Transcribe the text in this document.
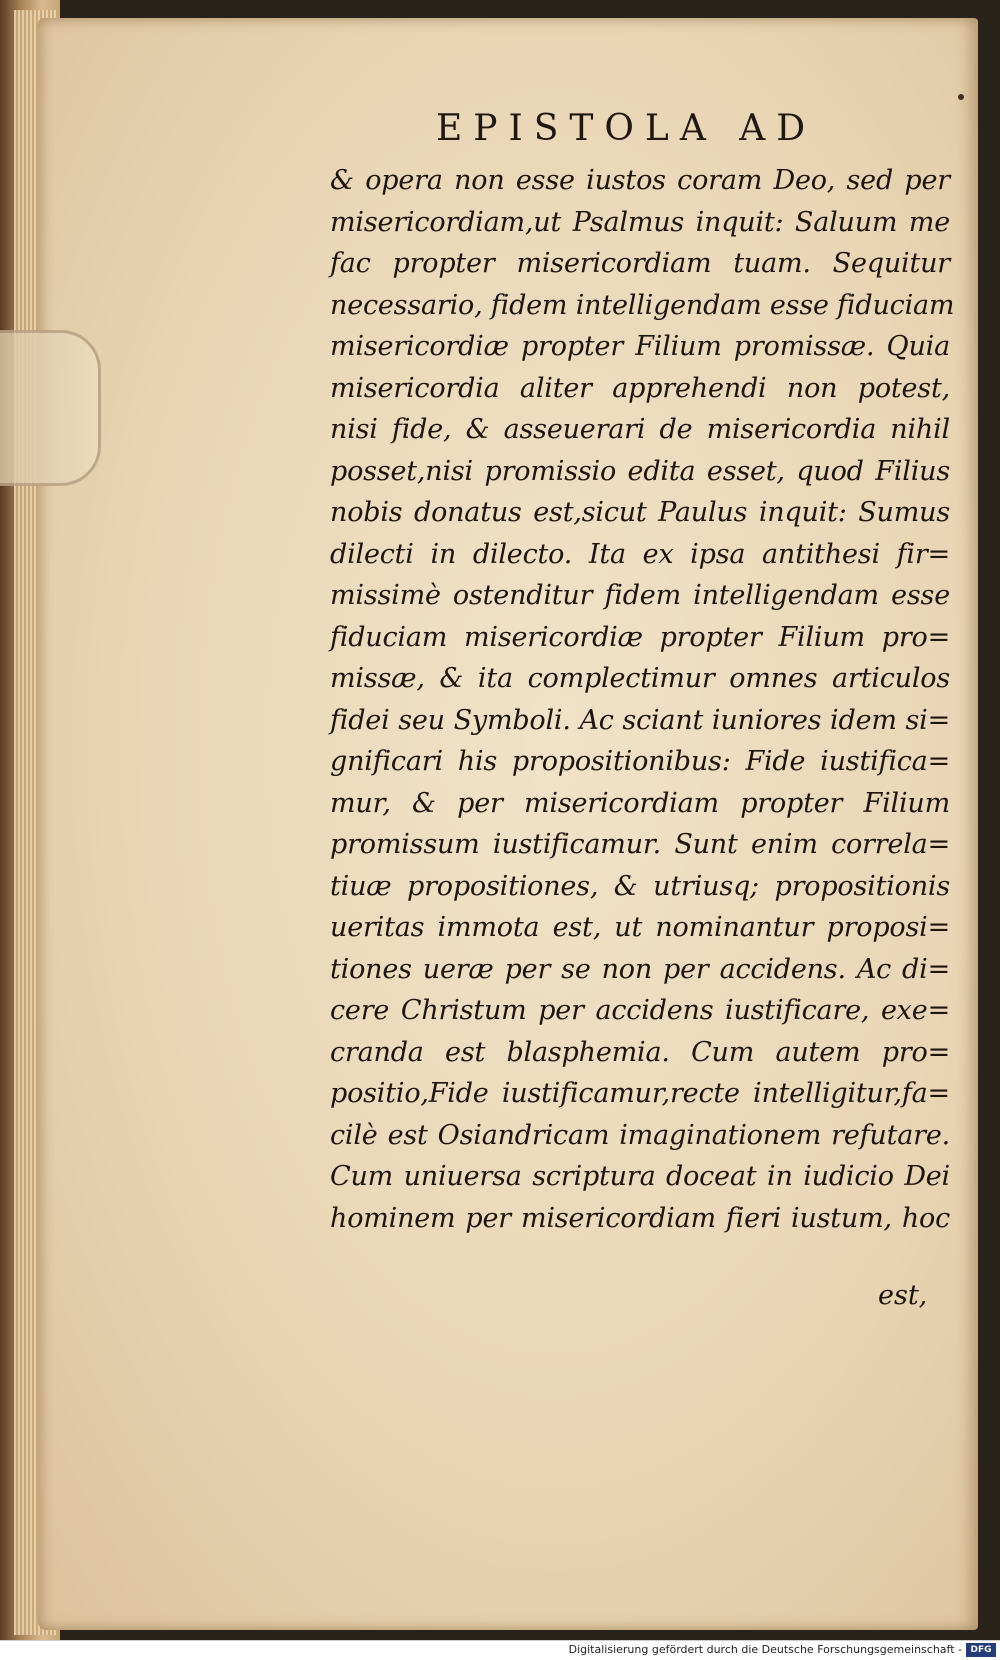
EPISTOLA AD
& opera non esse iustos coram Deo, sed per
misericordiam,ut Psalmus inquit: Saluum me
fac propter misericordiam tuam. Sequitur
necessario, fidem intelligendam esse fiduciam
misericordiæ propter Filium promissæ. Quia
misericordia aliter apprehendi non potest,
nisi fide, & asseuerari de misericordia nihil
posset,nisi promissio edita esset, quod Filius
nobis donatus est,sicut Paulus inquit: Sumus
dilecti in dilecto. Ita ex ipsa antithesi fir=
missimè ostenditur fidem intelligendam esse
fiduciam misericordiæ propter Filium pro=
missæ, & ita complectimur omnes articulos
fidei seu Symboli. Ac sciant iuniores idem si=
gnificari his propositionibus: Fide iustifica=
mur, & per misericordiam propter Filium
promissum iustificamur. Sunt enim correla=
tiuæ propositiones, & utriusq; propositionis
ueritas immota est, ut nominantur proposi=
tiones ueræ per se non per accidens. Ac di=
cere Christum per accidens iustificare, exe=
cranda est blasphemia. Cum autem pro=
positio,Fide iustificamur,recte intelligitur,fa=
cilè est Osiandricam imaginationem refutare.
Cum uniuersa scriptura doceat in iudicio Dei
hominem per misericordiam fieri iustum, hoc
est,
Digitalisierung gefördert durch die Deutsche Forschungsgemeinschaft - DFG
